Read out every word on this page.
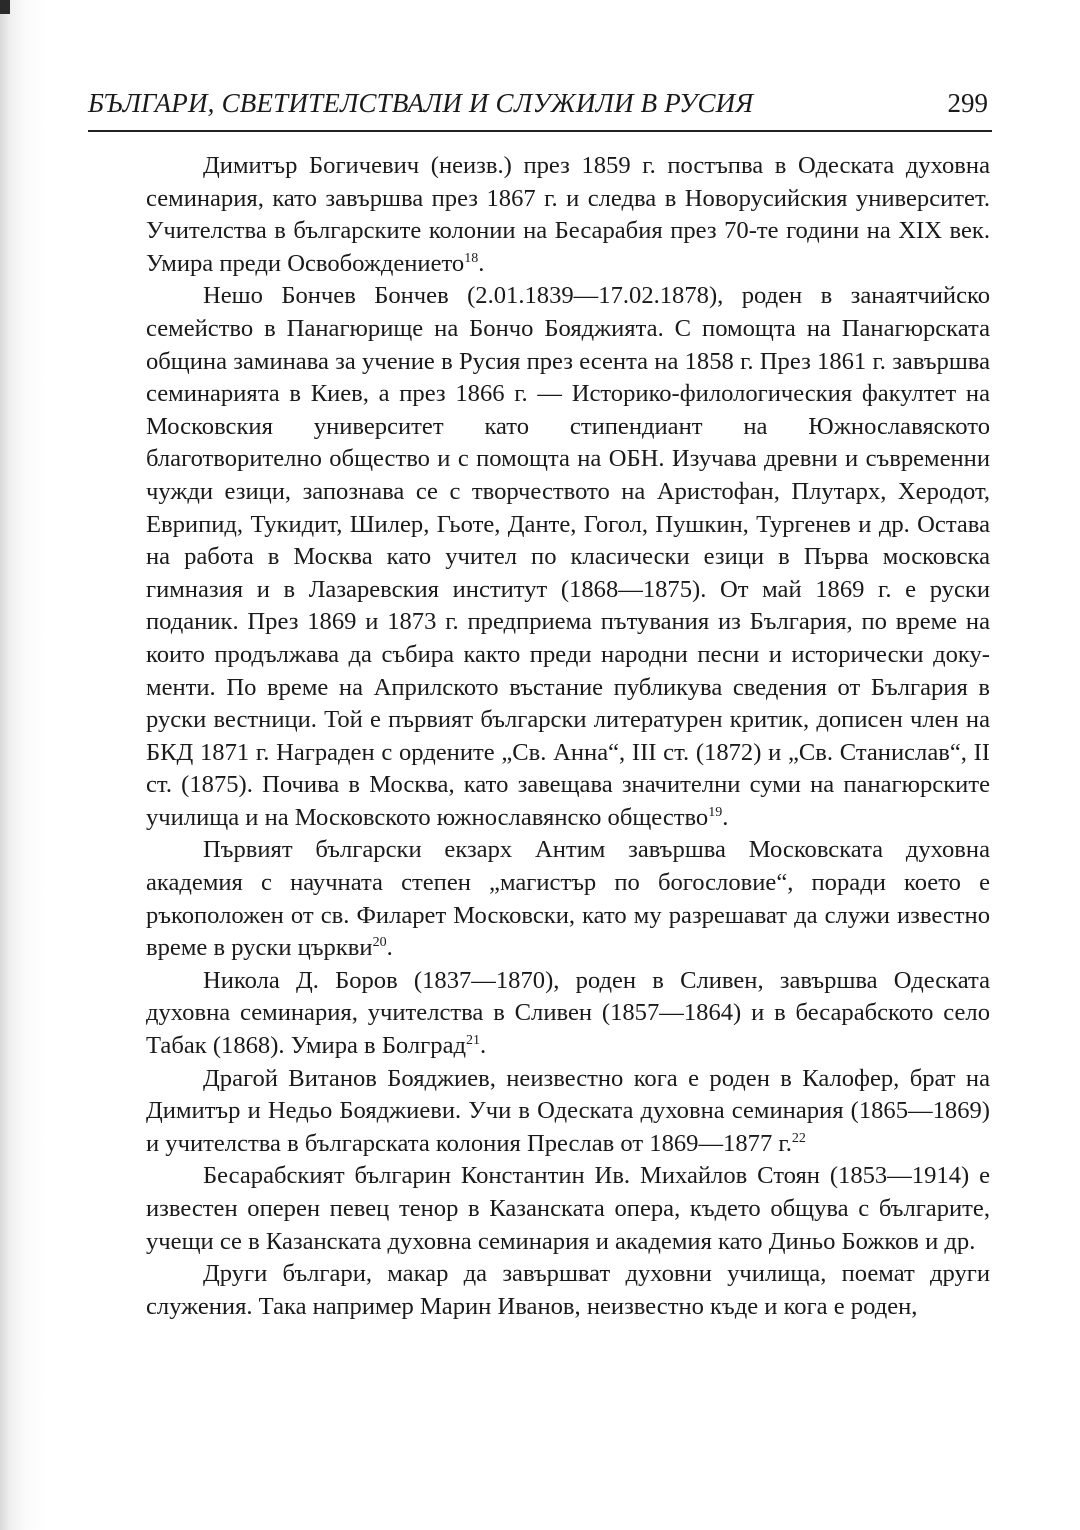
БЪЛГАРИ, СВЕТИТЕЛСТВАЛИ И СЛУЖИЛИ В РУСИЯ	299

Димитър Богичевич (неизв.) през 1859 г. постъпва в Одеската духовна семинария, като завършва през 1867 г. и следва в Новорусийския университет. Учителства в българските колонии на Бесарабия през 70-те години на XIX век. Умира преди Освобождението$^{18}$.

Нешо Бончев Бончев (2.01.1839—17.02.1878), роден в занаятчийско семейство в Панагюрище на Бончо Бояджията. С помощта на Панагюрската община заминава за учение в Русия през есента на 1858 г. През 1861 г. завършва семинарията в Киев, а през 1866 г. — Историко-филологическия факултет на Московския университет като стипендиант на Южнославяското благотворително общество и с помощта на ОБН. Изучава древни и съвременни чужди езици, запознава се с творчеството на Аристофан, Плутарх, Херодот, Еврипид, Тукидит, Шилер, Гьоте, Данте, Гогол, Пушкин, Тургенев и др. Остава на работа в Москва като учител по класически езици в Първа московска гимназия и в Лазаревския институт (1868—1875). От май 1869 г. е руски поданик. През 1869 и 1873 г. предприема пътувания из България, по време на които продължава да събира както преди народни песни и исторически документи. По време на Априлското въстание публикува сведения от България в руски вестници. Той е първият български литературен критик, дописен член на БКД 1871 г. Награден с ордените „Св. Анна“, III ст. (1872) и „Св. Станислав“, II ст. (1875). Почива в Москва, като завещава значителни суми на панагюрските училища и на Московското южнославянско общество$^{19}$.

Първият български екзарх Антим завършва Московската духовна академия с научната степен „магистър по богословие“, поради което е ръкоположен от св. Филарет Московски, като му разрешават да служи известно време в руски църкви$^{20}$.

Никола Д. Боров (1837—1870), роден в Сливен, завършва Одеската духовна семинария, учителства в Сливен (1857—1864) и в бесарабското село Табак (1868). Умира в Болград$^{21}$.

Драгой Витанов Бояджиев, неизвестно кога е роден в Калофер, брат на Димитър и Недьо Бояджиеви. Учи в Одеската духовна семинария (1865—1869) и учителства в българската колония Преслав от 1869—1877 г.$^{22}$

Бесарабският българин Константин Ив. Михайлов Стоян (1853—1914) е известен оперен певец тенор в Казанската опера, където общува с българите, учещи се в Казанската духовна семинария и академия като Диньо Божков и др.

Други българи, макар да завършват духовни училища, поемат други служения. Така например Марин Иванов, неизвестно къде и кога е роден,
